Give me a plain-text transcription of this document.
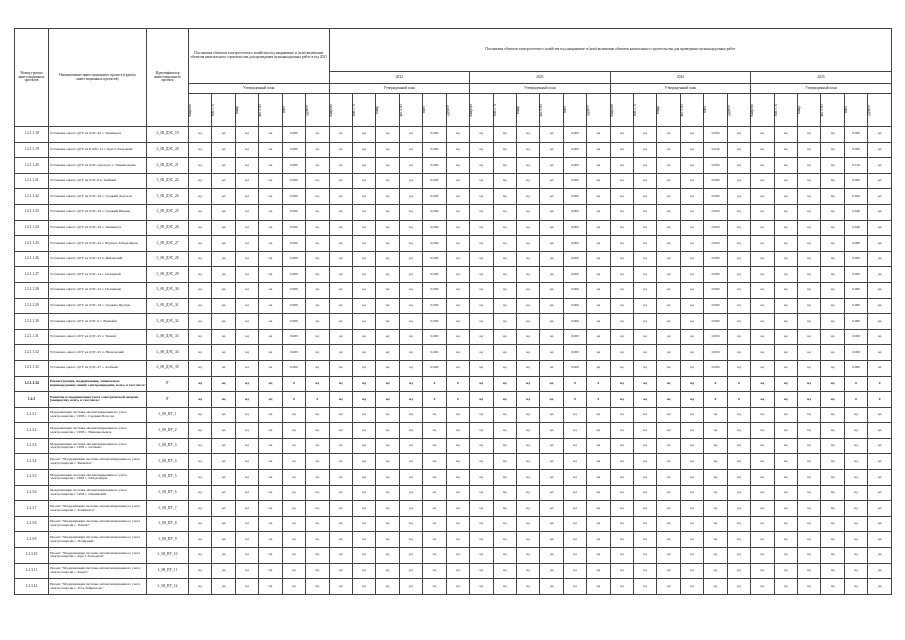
Номер группы инвестиционных проектов	Наименование инвестиционного проекта (группы инвестиционных проектов)	Идентификатор инвестиционного проекта	Постановка объектов электросетевого хозяйства под напряжение и (или) включение объектов капитального строительства для проведения пусконаладочных работ в год 2021						Постановка объектов электросетевого хозяйства под напряжение и (или) включение объектов капитального строительства для проведения пусконаладочных работ																							

									2022						2023						2024						2025					
			Утвержденный план						Утвержденный план						Утвержденный план						Утвержденный план						Утвержденный план					

			Квартал	МВ×А	Мвар	км ЛЭП	МВт	Другое	Квартал	МВ×А	Мвар	км ЛЭП	МВт	Другое	Квартал	МВ×А	Мвар	км ЛЭП	МВт	Другое	Квартал	МВ×А	Мвар	км ЛЭП	МВт	Другое	Квартал	МВ×А	Мвар	км ЛЭП	МВт	Другое

1.2.1.1.18	Установка одного ДГУ на ДЭС-26 с. Зашиверск	L_08_ДЭС_19	нд	нд	нд	нд	0,000	нд	нд	нд	нд	нд	0,000	нд	нд	нд	нд	нд	0,000	нд	нд	нд	нд	нд	0,000	нд	нд	нд	нд	нд	0,000	нд
1.2.1.1.19	Установка одного ДГУ на ЕДЭС-21 с. Крест-Хальджай	L_08_ДЭС_20	нд	нд	нд	нд	0,000	нд	нд	нд	нд	нд	0,000	нд	нд	нд	нд	нд	0,000	нд	нд	нд	нд	нд	0,040	нд	нд	нд	нд	нд	0,000	нд
1.2.1.1.20	Установка одного ДГУ на ДЭС-аэропорт с. Тяньмюльдик	L_08_ДЭС_21	нд	нд	нд	нд	0,000	нд	нд	нд	нд	нд	0,000	нд	нд	нд	нд	нд	0,000	нд	нд	нд	нд	нд	0,000	нд	нд	нд	нд	нд	0,140	нд
1.2.1.1.21	Установка одного ДГУ на ДЭС-8 п. Тыйный	L_08_ДЭС_22	нд	нд	нд	нд	0,000	нд	нд	нд	нд	нд	0,000	нд	нд	нд	нд	нд	0,000	нд	нд	нд	нд	нд	0,080	нд	нд	нд	нд	нд	0,000	нд
1.2.1.1.22	Установка одного ДГУ на ДЭС-16 с. Средний Дорочан	L_08_ДЭС_24	нд	нд	нд	нд	0,000	нд	нд	нд	нд	нд	0,000	нд	нд	нд	нд	нд	0,000	нд	нд	нд	нд	нд	0,000	нд	нд	нд	нд	нд	0,640	нд
1.2.1.1.23	Установка одного ДГУ на ДЭС-16 с. Средний Ниакан	L_08_ДЭС_25	нд	нд	нд	нд	0,000	нд	нд	нд	нд	нд	0,000	нд	нд	нд	нд	нд	0,000	нд	нд	нд	нд	нд	0,000	нд	нд	нд	нд	нд	0,640	нд
1.2.1.1.24	Установка одного ДГУ на ДЭС-16 с. Зашиверск	L_08_ДЭС_26	нд	нд	нд	нд	0,000	нд	нд	нд	нд	нд	0,000	нд	нд	нд	нд	нд	0,000	нд	нд	нд	нд	нд	0,000	нд	нд	нд	нд	нд	0,640	нд
1.2.1.1.25	Установка одного ДГУ на ДЭС-22 с. Верхнее Хабдагайдан	L_08_ДЭС_27	нд	нд	нд	нд	0,000	нд	нд	нд	нд	нд	0,000	нд	нд	нд	нд	нд	0,000	нд	нд	нд	нд	нд	0,000	нд	нд	нд	нд	нд	0,080	нд
1.2.1.1.26	Установка одного ДГУ на ДЭС-23 п. Жиганский	L_08_ДЭС_28	нд	нд	нд	нд	0,000	нд	нд	нд	нд	нд	0,000	нд	нд	нд	нд	нд	0,000	нд	нд	нд	нд	нд	0,000	нд	нд	нд	нд	нд	0,000	нд
1.2.1.1.27	Установка одного ДГУ на ДЭС-14 с. Полярный	L_08_ДЭС_29	нд	нд	нд	нд	0,000	нд	нд	нд	нд	нд	0,000	нд	нд	нд	нд	нд	0,000	нд	нд	нд	нд	нд	0,000	нд	нд	нд	нд	нд	0,000	нд
1.2.1.1.28	Установка одного ДГУ на ДЭС-14 с. Полярный	L_08_ДЭС_30	нд	нд	нд	нд	0,000	нд	нд	нд	нд	нд	0,000	нд	нд	нд	нд	нд	0,000	нд	нд	нд	нд	нд	0,000	нд	нд	нд	нд	нд	0,000	нд
1.2.1.1.29	Установка одного ДГУ на ДЭС-19 с. Средние Пролуи	L_08_ДЭС_31	нд	нд	нд	нд	0,000	нд	нд	нд	нд	нд	0,000	нд	нд	нд	нд	нд	0,000	нд	нд	нд	нд	нд	0,000	нд	нд	нд	нд	нд	0,000	нд
1.2.1.1.30	Установка одного ДГУ на ДЭС-9 с. Вилюйск	L_08_ДЭС_32	нд	нд	нд	нд	0,000	нд	нд	нд	нд	нд	0,000	нд	нд	нд	нд	нд	0,000	нд	нд	нд	нд	нд	0,000	нд	нд	нд	нд	нд	0,000	нд
1.2.1.1.31	Установка одного ДГУ на ДЭС-25 с. Тымаят	L_08_ДЭС_33	нд	нд	нд	нд	0,000	нд	нд	нд	нд	нд	0,000	нд	нд	нд	нд	нд	0,000	нд	нд	нд	нд	нд	0,000	нд	нд	нд	нд	нд	0,000	нд
1.2.1.1.32	Установка одного ДГУ на ДЭС-25 п. Ничальский	L_08_ДЭС_34	нд	нд	нд	нд	0,000	нд	нд	нд	нд	нд	0,000	нд	нд	нд	нд	нд	0,000	нд	нд	нд	нд	нд	0,000	нд	нд	нд	нд	нд	0,000	нд
1.2.1.1.33	Установка одного ДГУ на ДЭС-27 с. Атабыыт	L_08_ДЭС_35	нд	нд	нд	нд	0,000	нд	нд	нд	нд	нд	0,000	нд	нд	нд	нд	нд	0,000	нд	нд	нд	нд	нд	0,000	нд	нд	нд	нд	нд	0,000	нд
1.2.1.1.34	Реконструкция, модернизация, техническое перевооружение линий электропередачи, всего, в том числе:	Г	нд	нд	нд	нд	0	нд	нд	нд	нд	нд	0	0	нд	нд	нд	нд	0	0	нд	нд	нд	нд	0	0	нд	нд	нд	нд	0	0
1.2.3	Развитие и модернизация учета электрической энергии (мощности), всего, в том числе:	Г	нд	нд	нд	нд	0	0	нд	нд	нд	нд	0	0	нд	нд	нд	нд	0	0	нд	нд	нд	нд	0	0	нд	нд	нд	нд	0	0
1.2.3.1	Модернизация системы автоматизированного учета электроэнергии с СИИ с. Средняя Полоска	L_08_ПУ_1	нд	нд	нд	нд	нд	нд	нд	нд	нд	нд	нд	нд	нд	нд	нд	нд	нд	нд	нд	нд	нд	нд	нд	нд	нд	нд	нд	нд	нд	нд
1.2.3.2	Модернизация системы автоматизированного учета электроэнергии с СИИ с. Нижнеколымск	L_08_ПУ_2	нд	нд	нд	нд	нд	нд	нд	нд	нд	нд	нд	нд	нд	нд	нд	нд	нд	нд	нд	нд	нд	нд	нд	нд	нд	нд	нд	нд	нд	нд
1.2.3.3	Модернизация системы автоматизированного учета электроэнергии с СИИ с. Атабыыт	L_08_ПУ_3	нд	нд	нд	нд	нд	нд	нд	нд	нд	нд	нд	нд	нд	нд	нд	нд	нд	нд	нд	нд	нд	нд	нд	нд	нд	нд	нд	нд	нд	нд
1.2.3.4	Проект "Модернизация системы автоматизированного учета электроэнергии с. Вилюйск"	L_08_ПУ_4	нд	нд	нд	нд	нд	нд	нд	нд	нд	нд	нд	нд	нд	нд	нд	нд	нд	нд	нд	нд	нд	нд	нд	нд	нд	нд	нд	нд	нд	нд
1.2.3.5	Модернизация системы автоматизированного учета электроэнергии с СИИ с. Хабдагайдан	L_08_ПУ_5	нд	нд	нд	нд	нд	нд	нд	нд	нд	нд	нд	нд	нд	нд	нд	нд	нд	нд	нд	нд	нд	нд	нд	нд	нд	нд	нд	нд	нд	нд
1.2.3.6	Модернизация системы автоматизированного учета электроэнергии с СИИ с. Оленёкский	L_08_ПУ_6	нд	нд	нд	нд	нд	нд	нд	нд	нд	нд	нд	нд	нд	нд	нд	нд	нд	нд	нд	нд	нд	нд	нд	нд	нд	нд	нд	нд	нд	нд
1.2.3.7	Проект "Модернизация системы автоматизированного учета электроэнергии с. Зашиверск"	L_08_ПУ_7	нд	нд	нд	нд	нд	нд	нд	нд	нд	нд	нд	нд	нд	нд	нд	нд	нд	нд	нд	нд	нд	нд	нд	нд	нд	нд	нд	нд	нд	нд
1.2.3.8	Проект "Модернизация системы автоматизированного учета электроэнергии с. Тымаят"	L_08_ПУ_8	нд	нд	нд	нд	нд	нд	нд	нд	нд	нд	нд	нд	нд	нд	нд	нд	нд	нд	нд	нд	нд	нд	нд	нд	нд	нд	нд	нд	нд	нд
1.2.3.9	Проект "Модернизация системы автоматизированного учета электроэнергии с. Полярный"	L_08_ПУ_9	нд	нд	нд	нд	нд	нд	нд	нд	нд	нд	нд	нд	нд	нд	нд	нд	нд	нд	нд	нд	нд	нд	нд	нд	нд	нд	нд	нд	нд	нд
1.2.3.10	Проект "Модернизация системы автоматизированного учета электроэнергии с. Крест-Хальджай"	L_08_ПУ_10	нд	нд	нд	нд	нд	нд	нд	нд	нд	нд	нд	нд	нд	нд	нд	нд	нд	нд	нд	нд	нд	нд	нд	нд	нд	нд	нд	нд	нд	нд
1.2.3.11	Проект "Модернизация системы автоматизированного учета электроэнергии с. Кюерэ"	L_08_ПУ_11	нд	нд	нд	нд	нд	нд	нд	нд	нд	нд	нд	нд	нд	нд	нд	нд	нд	нд	нд	нд	нд	нд	нд	нд	нд	нд	нд	нд	нд	нд
1.2.3.12	Проект "Модернизация системы автоматизированного учета электроэнергии с. Усть-Хайрюзово"	L_08_ПУ_12	нд	нд	нд	нд	нд	нд	нд	нд	нд	нд	нд	нд	нд	нд	нд	нд	нд	нд	нд	нд	нд	нд	нд	нд	нд	нд	нд	нд	нд	нд
